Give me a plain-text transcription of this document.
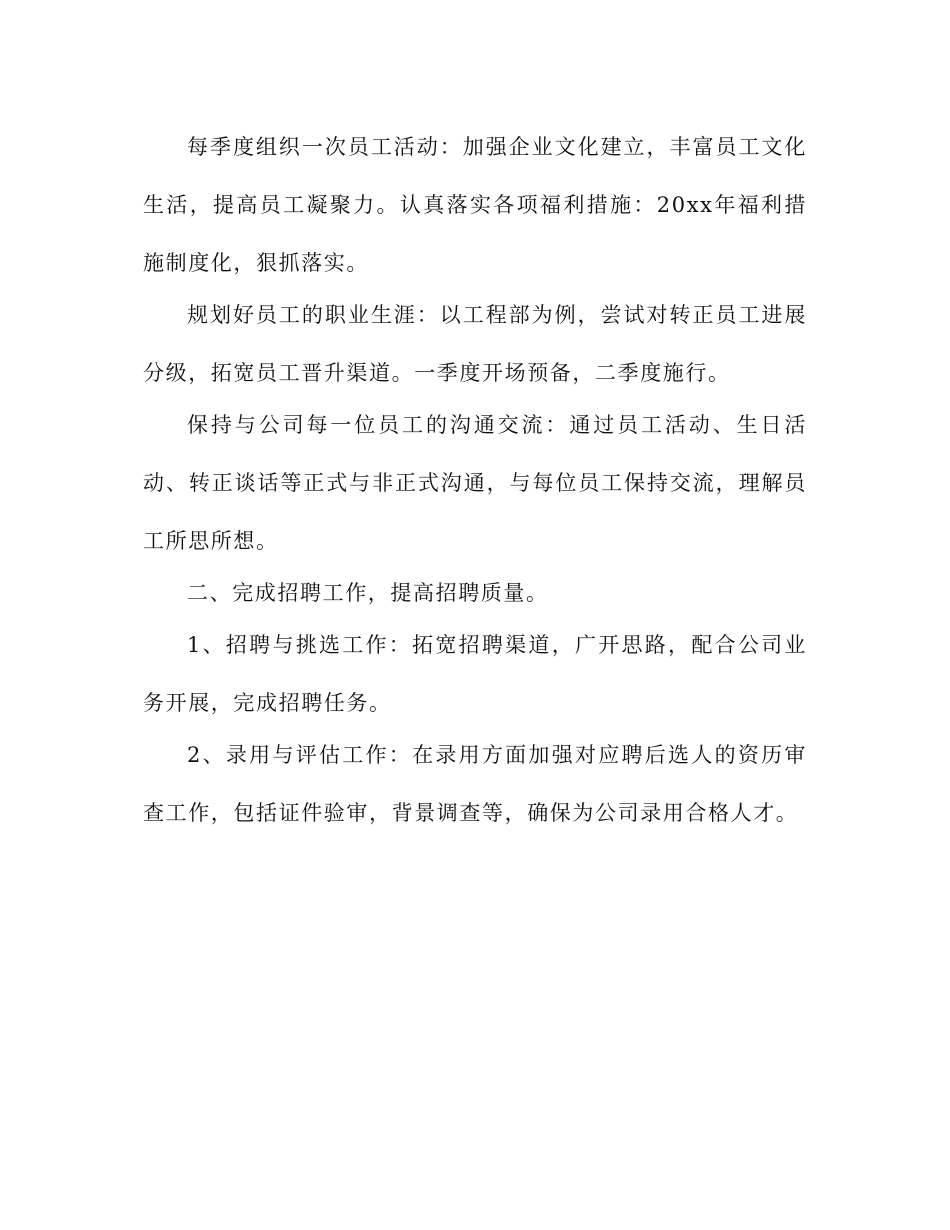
每季度组织一次员工活动：加强企业文化建立，丰富员工文化生活，提高员工凝聚力。认真落实各项福利措施：20xx年福利措施制度化，狠抓落实。

规划好员工的职业生涯：以工程部为例，尝试对转正员工进展分级，拓宽员工晋升渠道。一季度开场预备，二季度施行。

保持与公司每一位员工的沟通交流：通过员工活动、生日活动、转正谈话等正式与非正式沟通，与每位员工保持交流，理解员工所思所想。

二、完成招聘工作，提高招聘质量。

1、招聘与挑选工作：拓宽招聘渠道，广开思路，配合公司业务开展，完成招聘任务。

2、录用与评估工作：在录用方面加强对应聘后选人的资历审查工作，包括证件验审，背景调查等，确保为公司录用合格人才。
